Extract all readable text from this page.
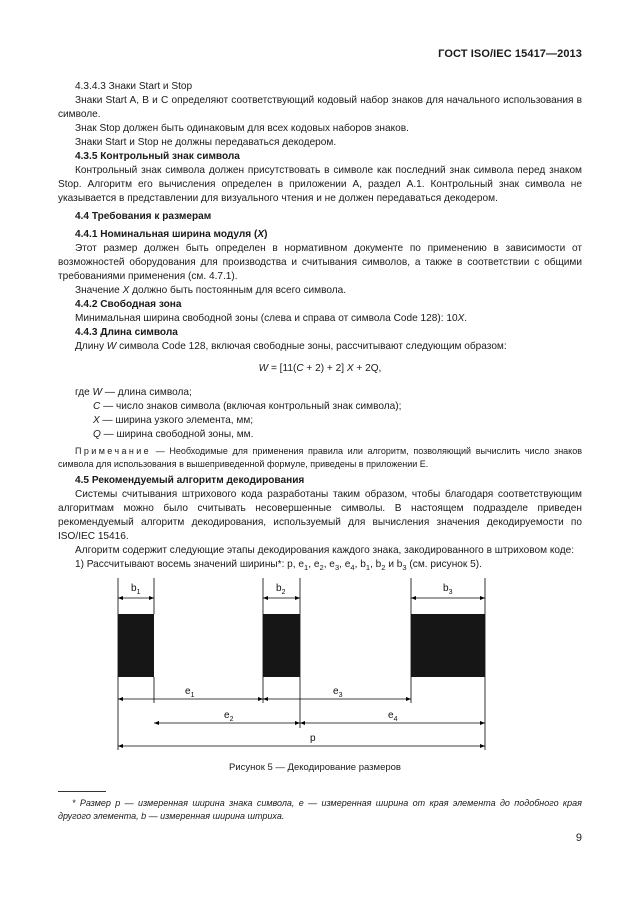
ГОСТ ISO/IEC 15417—2013

4.3.4.3 Знаки Start и Stop

Знаки Start A, B и C определяют соответствующий кодовый набор знаков для начального использования в символе.

Знак Stop должен быть одинаковым для всех кодовых наборов знаков.

Знаки Start и Stop не должны передаваться декодером.

4.3.5 Контрольный знак символа

Контрольный знак символа должен присутствовать в символе как последний знак символа перед знаком Stop. Алгоритм его вычисления определен в приложении А, раздел А.1. Контрольный знак символа не указывается в представлении для визуального чтения и не должен передаваться декодером.

4.4 Требования к размерам

4.4.1 Номинальная ширина модуля (X)

Этот размер должен быть определен в нормативном документе по применению в зависимости от возможностей оборудования для производства и считывания символов, а также в соответствии с общими требованиями применения (см. 4.7.1).

Значение X должно быть постоянным для всего символа.

4.4.2 Свободная зона

Минимальная ширина свободной зоны (слева и справа от символа Code 128): 10X.

4.4.3 Длина символа

Длину W символа Code 128, включая свободные зоны, рассчитывают следующим образом:

W = [11(C + 2) + 2] X + 2Q,

где W — длина символа;

C — число знаков символа (включая контрольный знак символа);

X — ширина узкого элемента, мм;

Q — ширина свободной зоны, мм.

Примечание — Необходимые для применения правила или алгоритм, позволяющий вычислить число знаков символа для использования в вышеприведенной формуле, приведены в приложении Е.

4.5 Рекомендуемый алгоритм декодирования

Системы считывания штрихового кода разработаны таким образом, чтобы благодаря соответствующим алгоритмам можно было считывать несовершенные символы. В настоящем подразделе приведен рекомендуемый алгоритм декодирования, используемый для вычисления значения декодируемости по ISO/IEC 15416.

Алгоритм содержит следующие этапы декодирования каждого знака, закодированного в штриховом коде:

1) Рассчитывают восемь значений ширины*: p, $e_1$, $e_2$, $e_3$, $e_4$, $b_1$, $b_2$ и $b_3$ (см. рисунок 5).

$b_1$	$b_2$	$b_3$
$e_1$	$e_3$
$e_2$	$e_4$
p
Рисунок 5 — Декодирование размеров
* Размер p — измеренная ширина знака символа, e — измеренная ширина от края элемента до подобного края другого элемента, b — измеренная ширина штриха.
9
